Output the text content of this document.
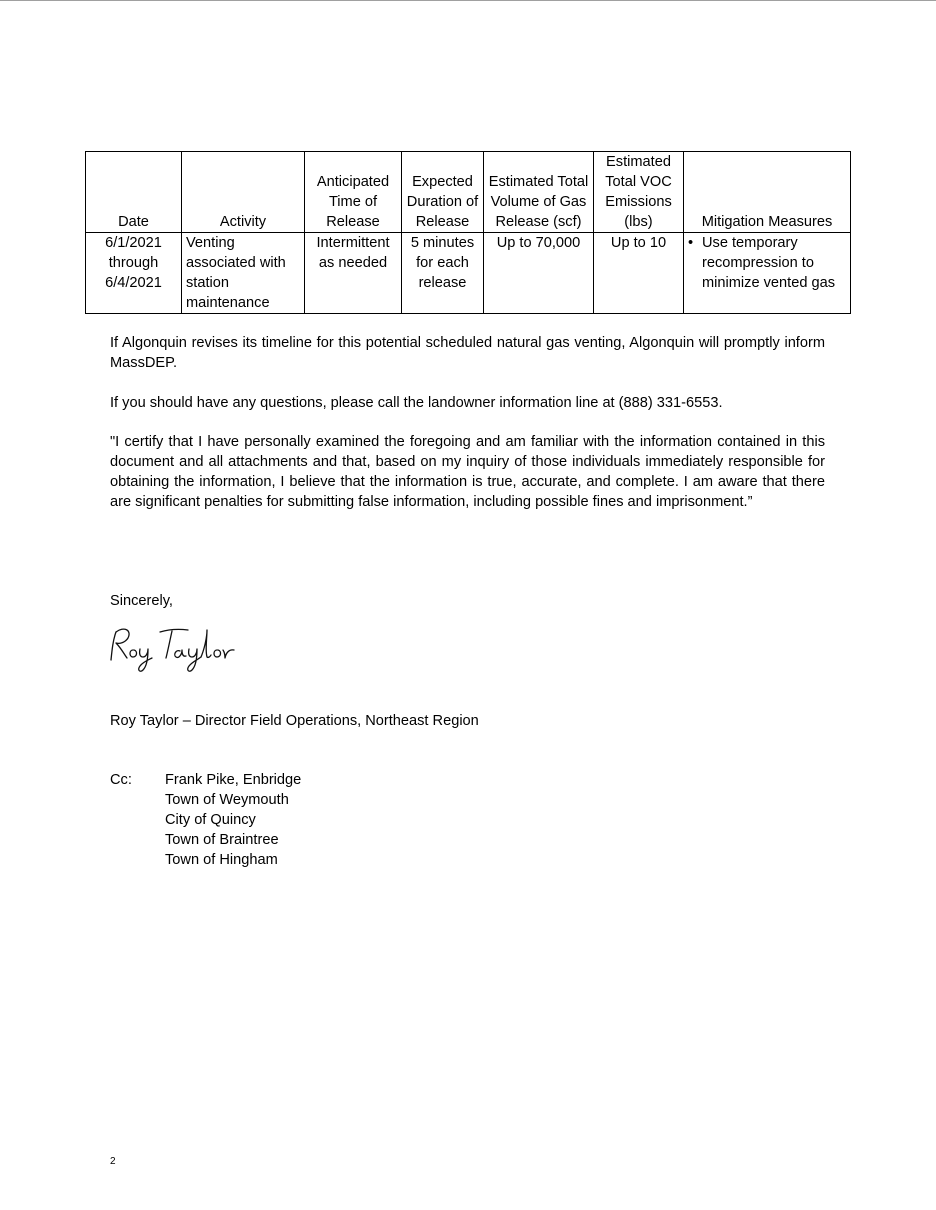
Date	Activity	Anticipated Time of Release	Expected Duration of Release	Estimated Total Volume of Gas Release (scf)	Estimated Total VOC Emissions (lbs)	Mitigation Measures
6/1/2021 through 6/4/2021	Venting associated with station maintenance	Intermittent as needed	5 minutes for each release	Up to 70,000	Up to 10	• Use temporary recompression to minimize vented gas

If Algonquin revises its timeline for this potential scheduled natural gas venting, Algonquin will promptly inform MassDEP.

If you should have any questions, please call the landowner information line at (888) 331-6553.

"I certify that I have personally examined the foregoing and am familiar with the information contained in this document and all attachments and that, based on my inquiry of those individuals immediately responsible for obtaining the information, I believe that the information is true, accurate, and complete. I am aware that there are significant penalties for submitting false information, including possible fines and imprisonment.”

Sincerely,
Roy Taylor – Director Field Operations, Northeast Region
Cc: Frank Pike, Enbridge
Town of Weymouth
City of Quincy
Town of Braintree
Town of Hingham
2
